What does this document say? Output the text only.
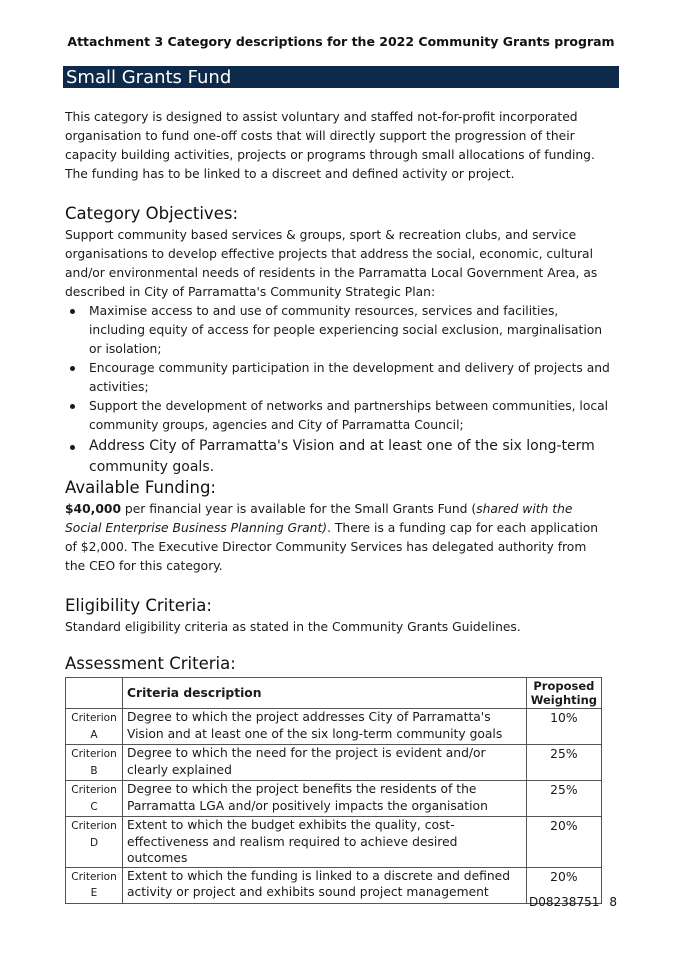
Attachment 3 Category descriptions for the 2022 Community Grants program
Small Grants Fund

This category is designed to assist voluntary and staffed not-for-profit incorporated organisation to fund one-off costs that will directly support the progression of their capacity building activities, projects or programs through small allocations of funding. The funding has to be linked to a discreet and defined activity or project.

Category Objectives:

Support community based services & groups, sport & recreation clubs, and service organisations to develop effective projects that address the social, economic, cultural and/or environmental needs of residents in the Parramatta Local Government Area, as described in City of Parramatta's Community Strategic Plan:

Maximise access to and use of community resources, services and facilities, including equity of access for people experiencing social exclusion, marginalisation or isolation;
Encourage community participation in the development and delivery of projects and activities;
Support the development of networks and partnerships between communities, local community groups, agencies and City of Parramatta Council;
Address City of Parramatta's Vision and at least one of the six long-term community goals.
Available Funding:

$40,000 per financial year is available for the Small Grants Fund (shared with the Social Enterprise Business Planning Grant). There is a funding cap for each application of $2,000. The Executive Director Community Services has delegated authority from the CEO for this category.

Eligibility Criteria:

Standard eligibility criteria as stated in the Community Grants Guidelines.

Assessment Criteria:
	Criteria description	Proposed
Weighting
Criterion
A	Degree to which the project addresses City of Parramatta's Vision and at least one of the six long-term community goals	10%
Criterion
B	Degree to which the need for the project is evident and/or clearly explained	25%
Criterion
C	Degree to which the project benefits the residents of the Parramatta LGA and/or positively impacts the organisation	25%
Criterion
D	Extent to which the budget exhibits the quality, cost-effectiveness and realism required to achieve desired outcomes	20%
Criterion
E	Extent to which the funding is linked to a discrete and defined activity or project and exhibits sound project management	20%
D08238751 8
